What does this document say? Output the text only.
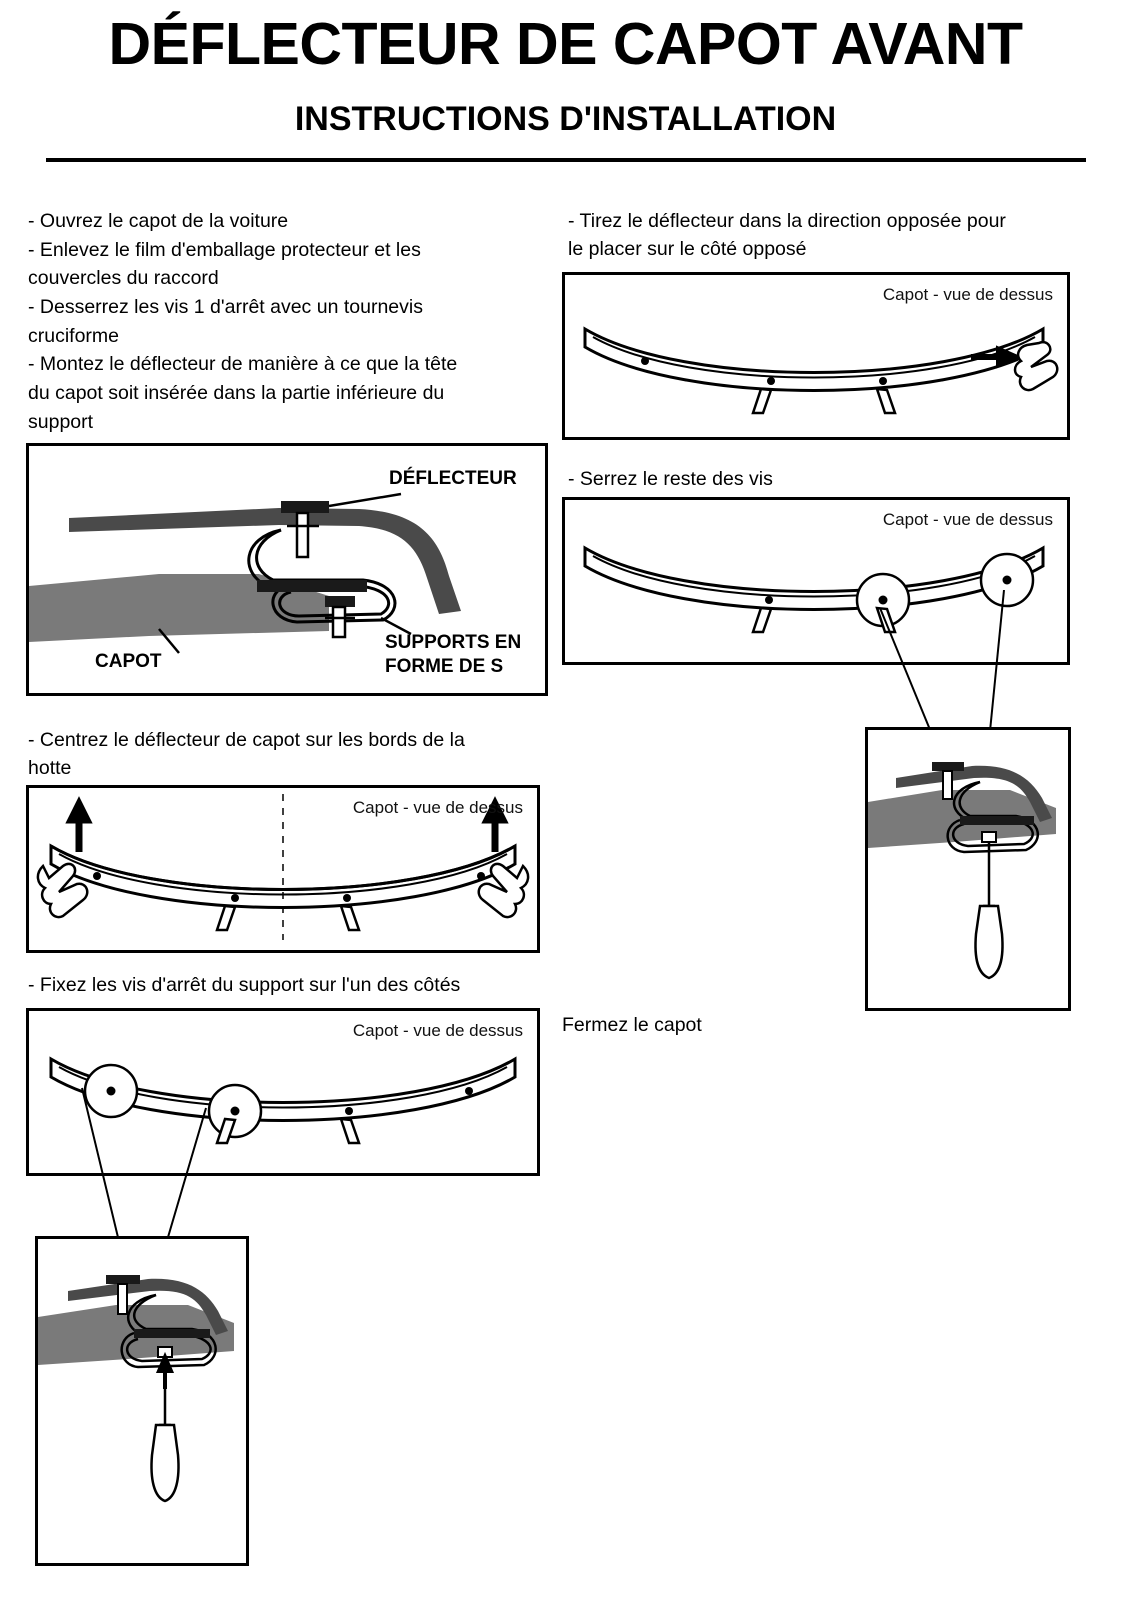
DÉFLECTEUR DE CAPOT AVANT
INSTRUCTIONS D'INSTALLATION
- Ouvrez le capot de la voiture
- Enlevez le film d'emballage protecteur et les
couvercles du raccord
- Desserrez les vis 1 d'arrêt avec un tournevis
cruciforme
- Montez le déflecteur de manière à ce que la tête
du capot soit insérée dans la partie inférieure du
support
DÉFLECTEUR
CAPOT
SUPPORTS EN
FORME DE S
- Centrez le déflecteur de capot sur les bords de la
hotte
Capot - vue de dessus
- Fixez les vis d'arrêt du support sur l'un des côtés
Capot - vue de dessus
- Tirez le déflecteur dans la direction opposée pour
le placer sur le côté opposé
Capot - vue de dessus
- Serrez le reste des vis
Capot - vue de dessus
Fermez le capot
